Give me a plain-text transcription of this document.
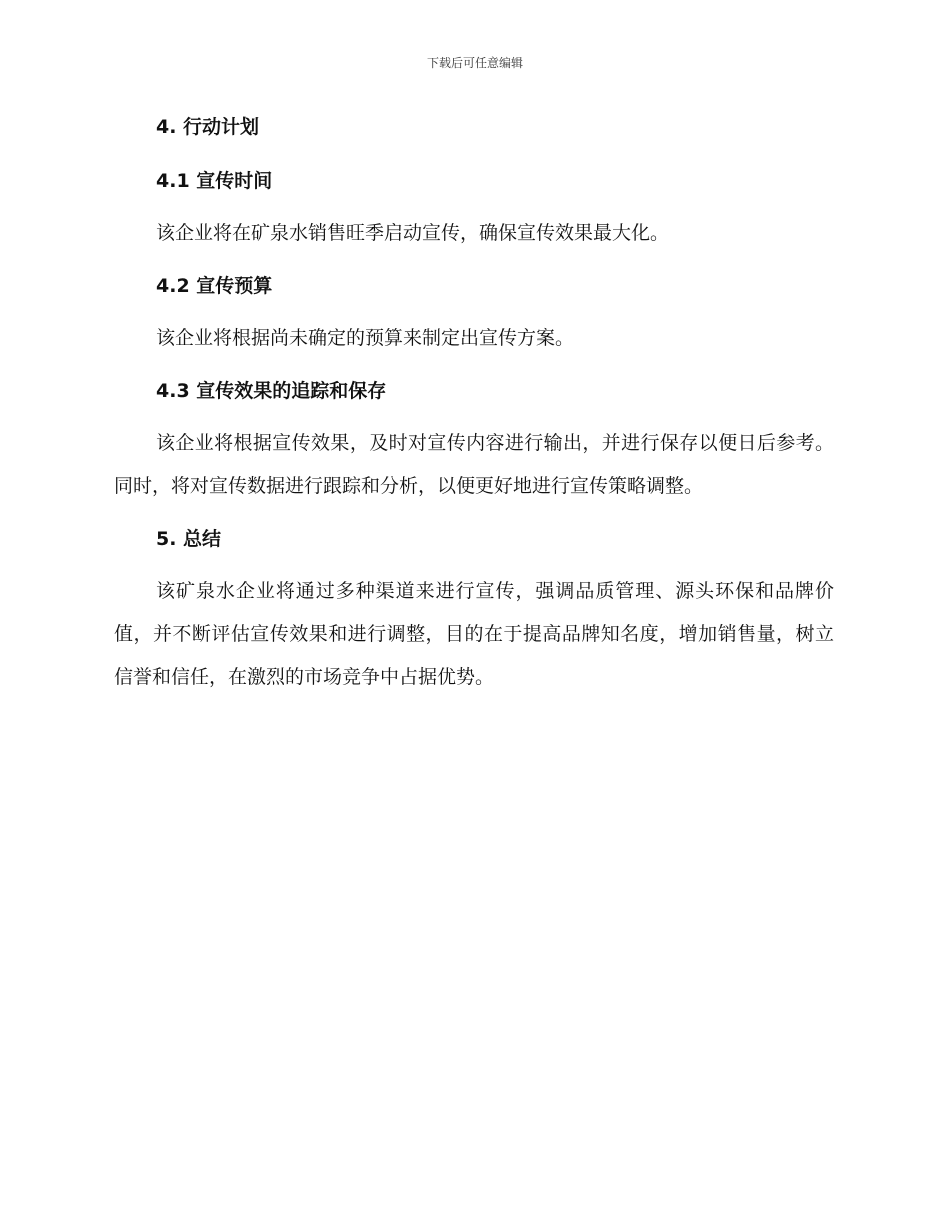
下载后可任意编辑
4. 行动计划
4.1 宣传时间

该企业将在矿泉水销售旺季启动宣传，确保宣传效果最大化。

4.2 宣传预算

该企业将根据尚未确定的预算来制定出宣传方案。

4.3 宣传效果的追踪和保存

该企业将根据宣传效果，及时对宣传内容进行输出，并进行保存以便日后参考。同时，将对宣传数据进行跟踪和分析，以便更好地进行宣传策略调整。

5. 总结

该矿泉水企业将通过多种渠道来进行宣传，强调品质管理、源头环保和品牌价值，并不断评估宣传效果和进行调整，目的在于提高品牌知名度，增加销售量，树立信誉和信任，在激烈的市场竞争中占据优势。
